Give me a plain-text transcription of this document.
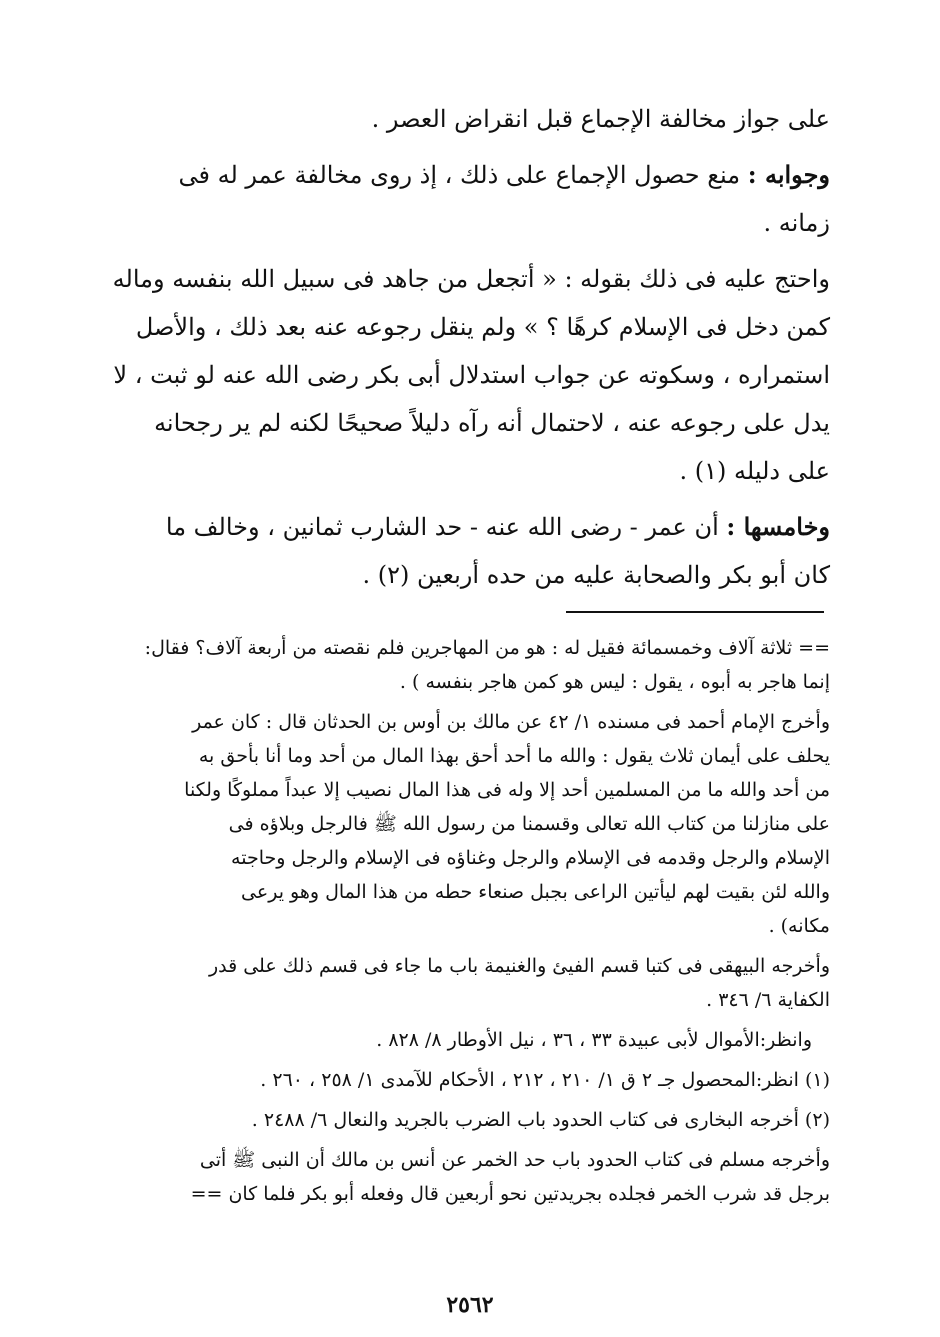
على جواز مخالفة الإجماع قبل انقراض العصر .

وجوابه : منع حصول الإجماع على ذلك ، إذ روى مخالفة عمر له فى
زمانه .

واحتج عليه فى ذلك بقوله : « أتجعل من جاهد فى سبيل الله بنفسه وماله
كمن دخل فى الإسلام كرهًا ؟ » ولم ينقل رجوعه عنه بعد ذلك ، والأصل
استمراره ، وسكوته عن جواب استدلال أبى بكر رضى الله عنه لو ثبت ، لا
يدل على رجوعه عنه ، لاحتمال أنه رآه دليلاً صحيحًا لكنه لم ير رجحانه
على دليله (١) .

وخامسها : أن عمر - رضى الله عنه - حد الشارب ثمانين ، وخالف ما
كان أبو بكر والصحابة عليه من حده أربعين (٢) .

== ثلاثة آلاف وخمسمائة فقيل له : هو من المهاجرين فلم نقصته من أربعة آلاف؟ فقال:
إنما هاجر به أبوه ، يقول : ليس هو كمن هاجر بنفسه ) .

وأخرج الإمام أحمد فى مسنده ١/ ٤٢ عن مالك بن أوس بن الحدثان قال : كان عمر
يحلف على أيمان ثلاث يقول : والله ما أحد أحق بهذا المال من أحد وما أنا بأحق به
من أحد والله ما من المسلمين أحد إلا وله فى هذا المال نصيب إلا عبداً مملوكًا ولكنا
على منازلنا من كتاب الله تعالى وقسمنا من رسول الله ﷺ فالرجل وبلاؤه فى
الإسلام والرجل وقدمه فى الإسلام والرجل وغناؤه فى الإسلام والرجل وحاجته
والله لئن بقيت لهم ليأتين الراعى بجبل صنعاء حطه من هذا المال وهو يرعى
مكانه) .

وأخرجه البيهقى فى كتبا قسم الفيئ والغنيمة باب ما جاء فى قسم ذلك على قدر
الكفاية ٦/ ٣٤٦ .

وانظر:الأموال لأبى عبيدة ٣٣ ، ٣٦ ، نيل الأوطار ٨/ ٨٢٨ .

(١) انظر:المحصول جـ ٢ ق ١/ ٢١٠ ، ٢١٢ ، الأحكام للآمدى ١/ ٢٥٨ ، ٢٦٠ .

(٢) أخرجه البخارى فى كتاب الحدود باب الضرب بالجريد والنعال ٦/ ٢٤٨٨ .

وأخرجه مسلم فى كتاب الحدود باب حد الخمر عن أنس بن مالك أن النبى ﷺ أتى
برجل قد شرب الخمر فجلده بجريدتين نحو أربعين قال وفعله أبو بكر فلما كان ==

٢٥٦٢
